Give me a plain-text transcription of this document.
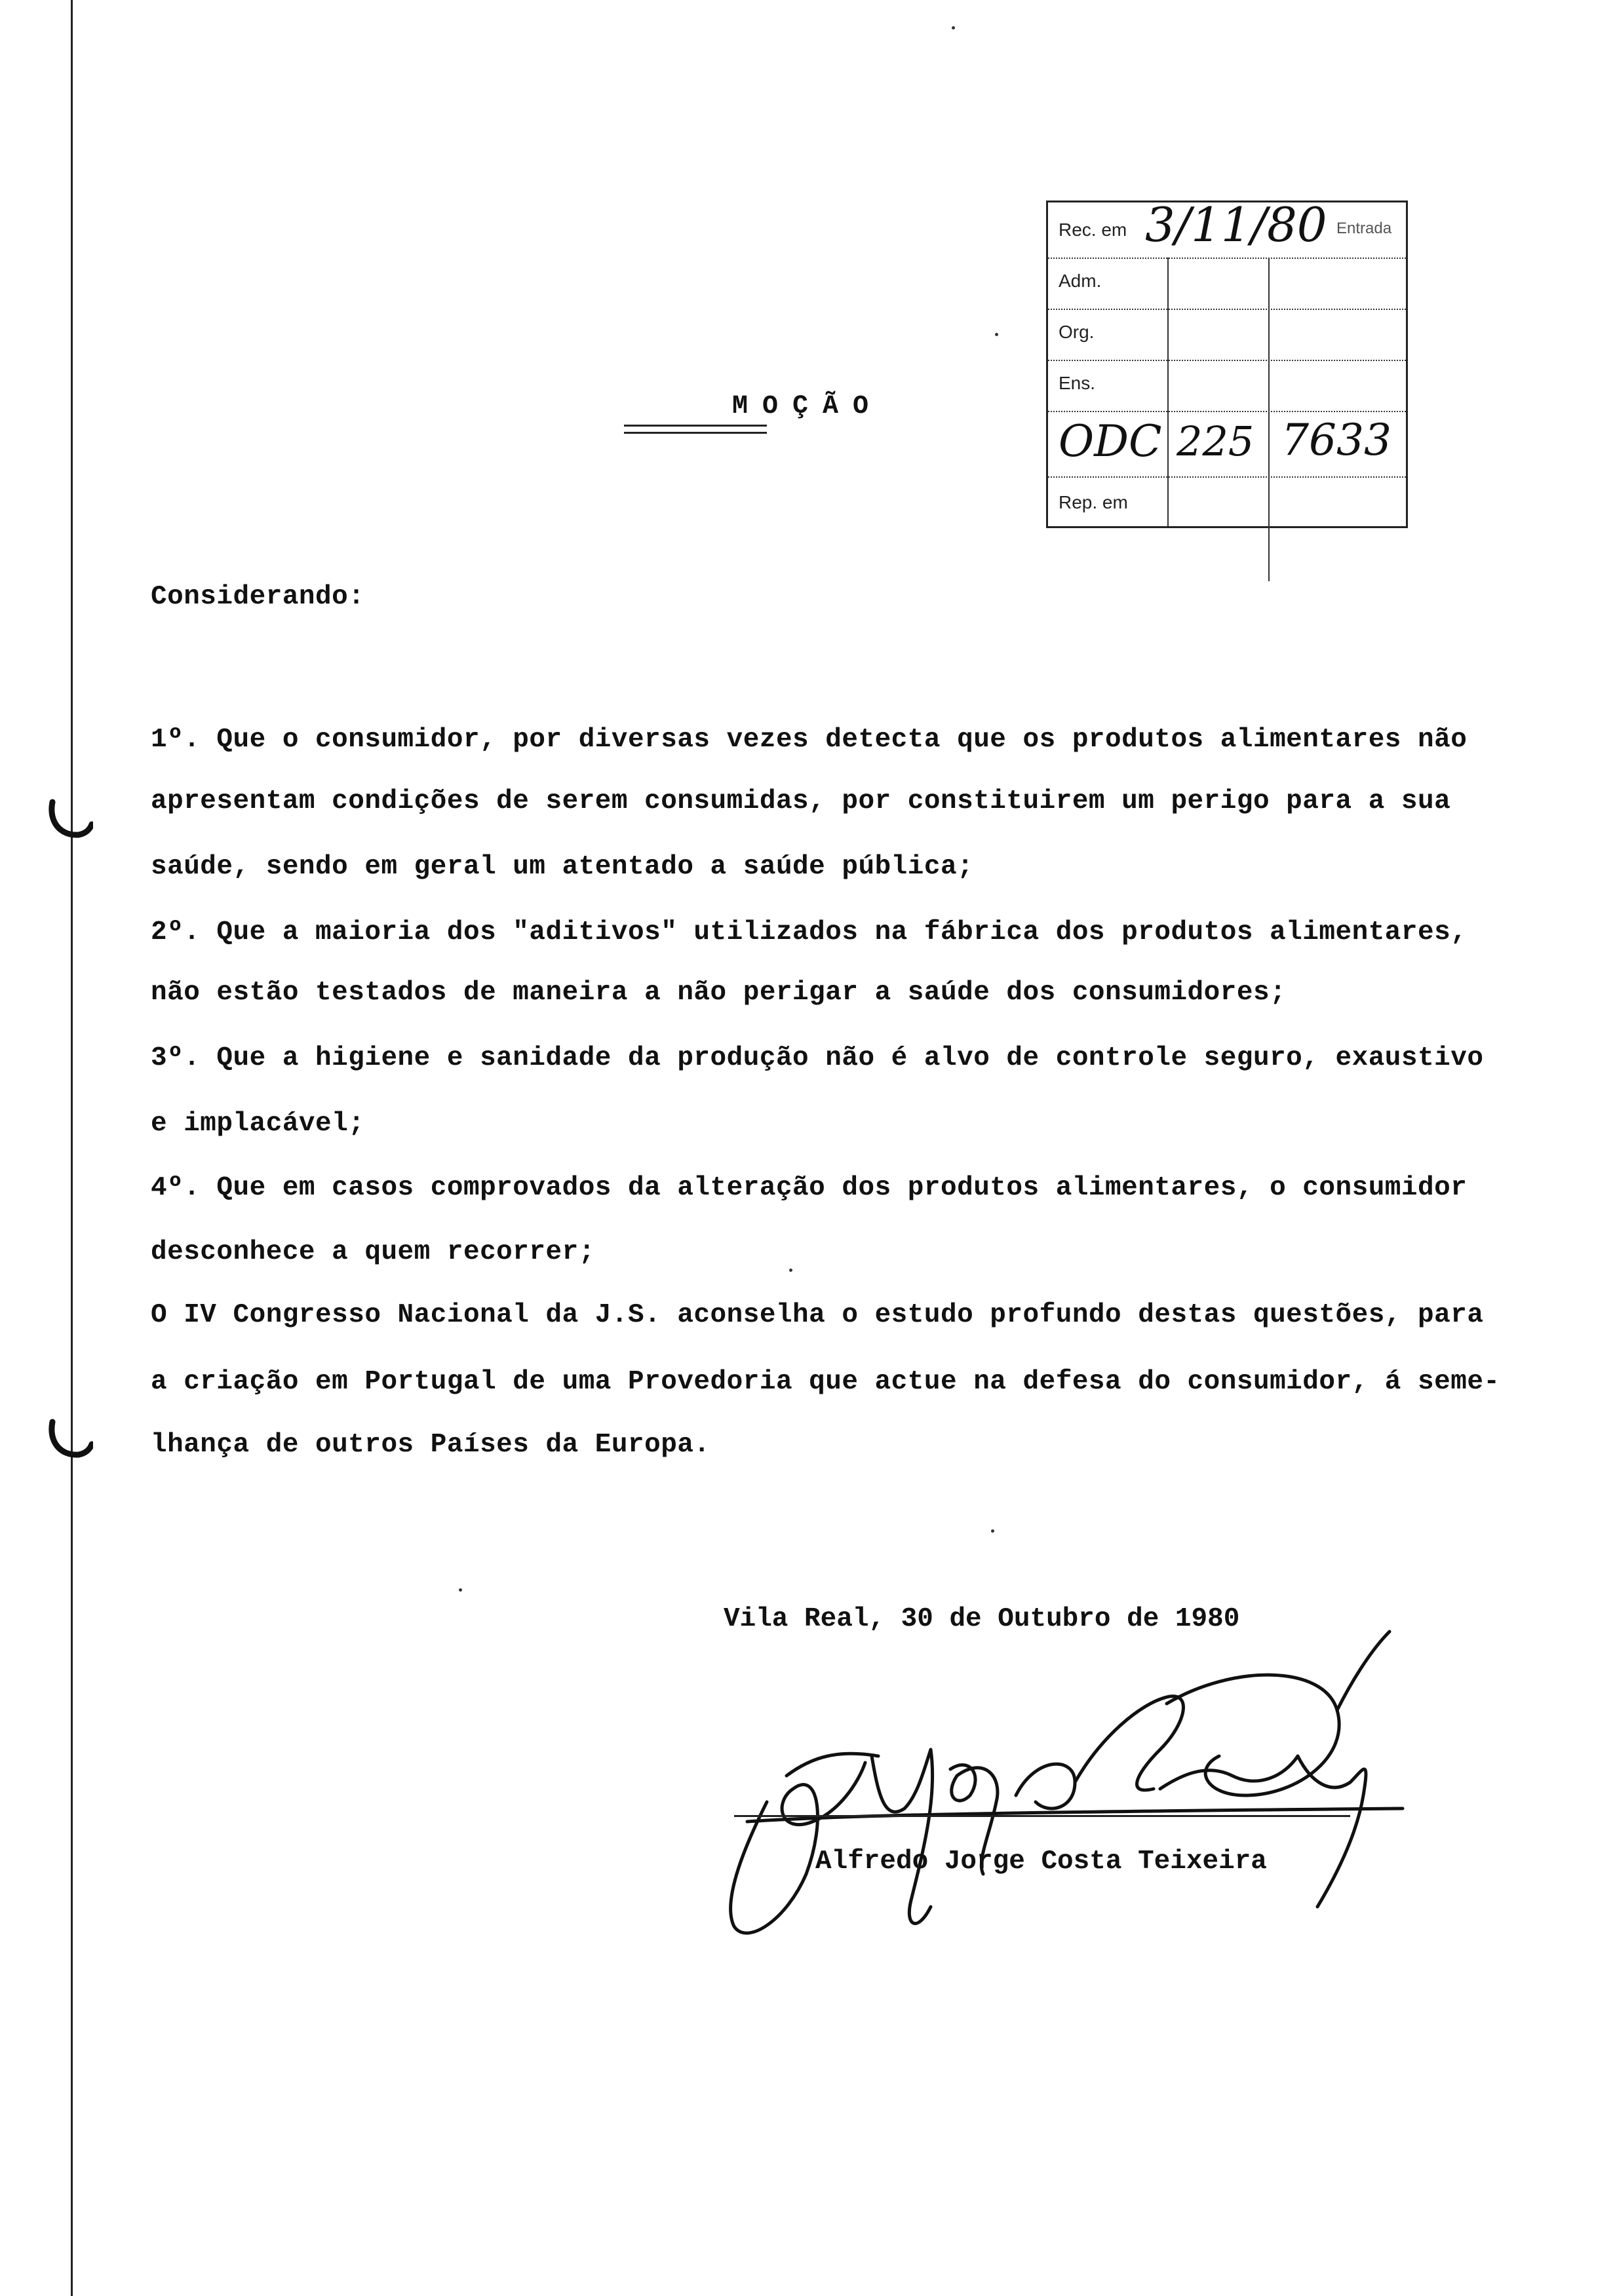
Rec. em 3/11/80 Entrada
Adm.
Org.
Ens.
ODC 225 7633
Rep. em
MOÇÃO
Considerando:
1º. Que o consumidor, por diversas vezes detecta que os produtos alimentares não
apresentam condições de serem consumidas, por constituirem um perigo para a sua
saúde, sendo em geral um atentado a saúde pública;
2º. Que a maioria dos "aditivos" utilizados na fábrica dos produtos alimentares,
não estão testados de maneira a não perigar a saúde dos consumidores;
3º. Que a higiene e sanidade da produção não é alvo de controle seguro, exaustivo
e implacável;
4º. Que em casos comprovados da alteração dos produtos alimentares, o consumidor
desconhece a quem recorrer;
O IV Congresso Nacional da J.S. aconselha o estudo profundo destas questões, para
a criação em Portugal de uma Provedoria que actue na defesa do consumidor, á seme-
lhança de outros Países da Europa.
Vila Real, 30 de Outubro de 1980
Alfredo Jorge Costa Teixeira
